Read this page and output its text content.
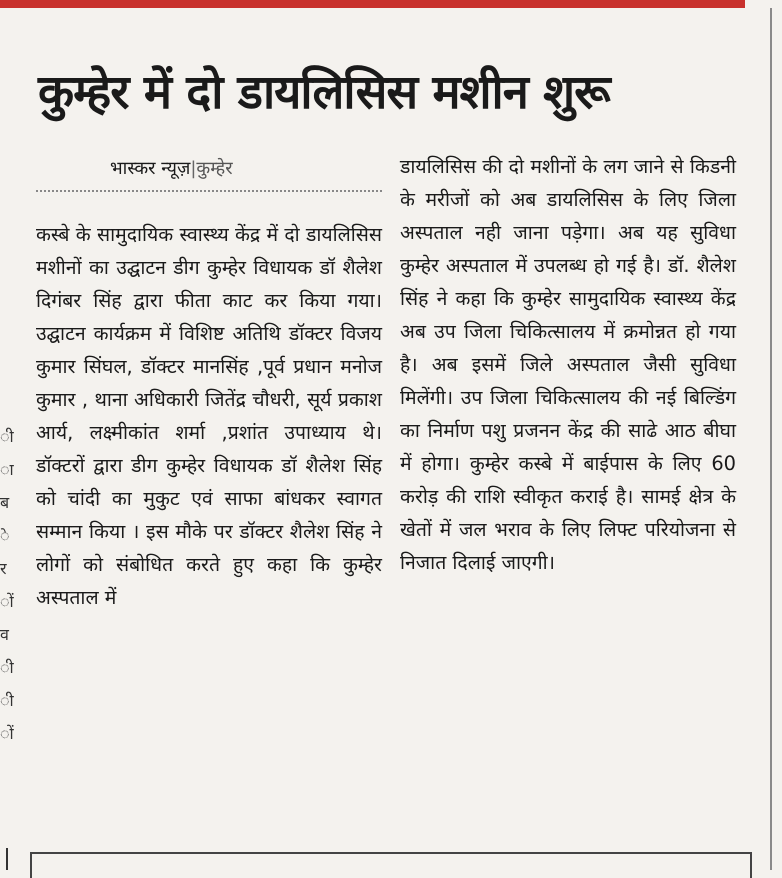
कुम्हेर में दो डायलिसिस मशीन शुरू
भास्कर न्यूज़|कुम्हेर

कस्बे के सामुदायिक स्वास्थ्य केंद्र में दो डायलिसिस मशीनों का उद्घाटन डीग कुम्हेर विधायक डॉ शैलेश दिगंबर सिंह द्वारा फीता काट कर किया गया। उद्घाटन कार्यक्रम में विशिष्ट अतिथि डॉक्टर विजय कुमार सिंघल, डॉक्टर मानसिंह ,पूर्व प्रधान मनोज कुमार , थाना अधिकारी जितेंद्र चौधरी, सूर्य प्रकाश आर्य, लक्ष्मीकांत शर्मा ,प्रशांत उपाध्याय थे। डॉक्टरों द्वारा डीग कुम्हेर विधायक डॉ शैलेश सिंह को चांदी का मुकुट एवं साफा बांधकर स्वागत सम्मान किया । इस मौके पर डॉक्टर शैलेश सिंह ने लोगों को संबोधित करते हुए कहा कि कुम्हेर अस्पताल में

डायलिसिस की दो मशीनों के लग जाने से किडनी के मरीजों को अब डायलिसिस के लिए जिला अस्पताल नही जाना पड़ेगा। अब यह सुविधा कुम्हेर अस्पताल में उपलब्ध हो गई है। डॉ. शैलेश सिंह ने कहा कि कुम्हेर सामुदायिक स्वास्थ्य केंद्र अब उप जिला चिकित्सालय में क्रमोन्नत हो गया है। अब इसमें जिले अस्पताल जैसी सुविधा मिलेंगी। उप जिला चिकित्सालय की नई बिल्डिंग का निर्माण पशु प्रजनन केंद्र की साढे आठ बीघा में होगा। कुम्हेर कस्बे में बाईपास के लिए 60 करोड़ की राशि स्वीकृत कराई है। सामई क्षेत्र के खेतों में जल भराव के लिए लिफ्ट परियोजना से निजात दिलाई जाएगी।

ी
ा
ब
े
र
ों
व
ी
ी
ों
